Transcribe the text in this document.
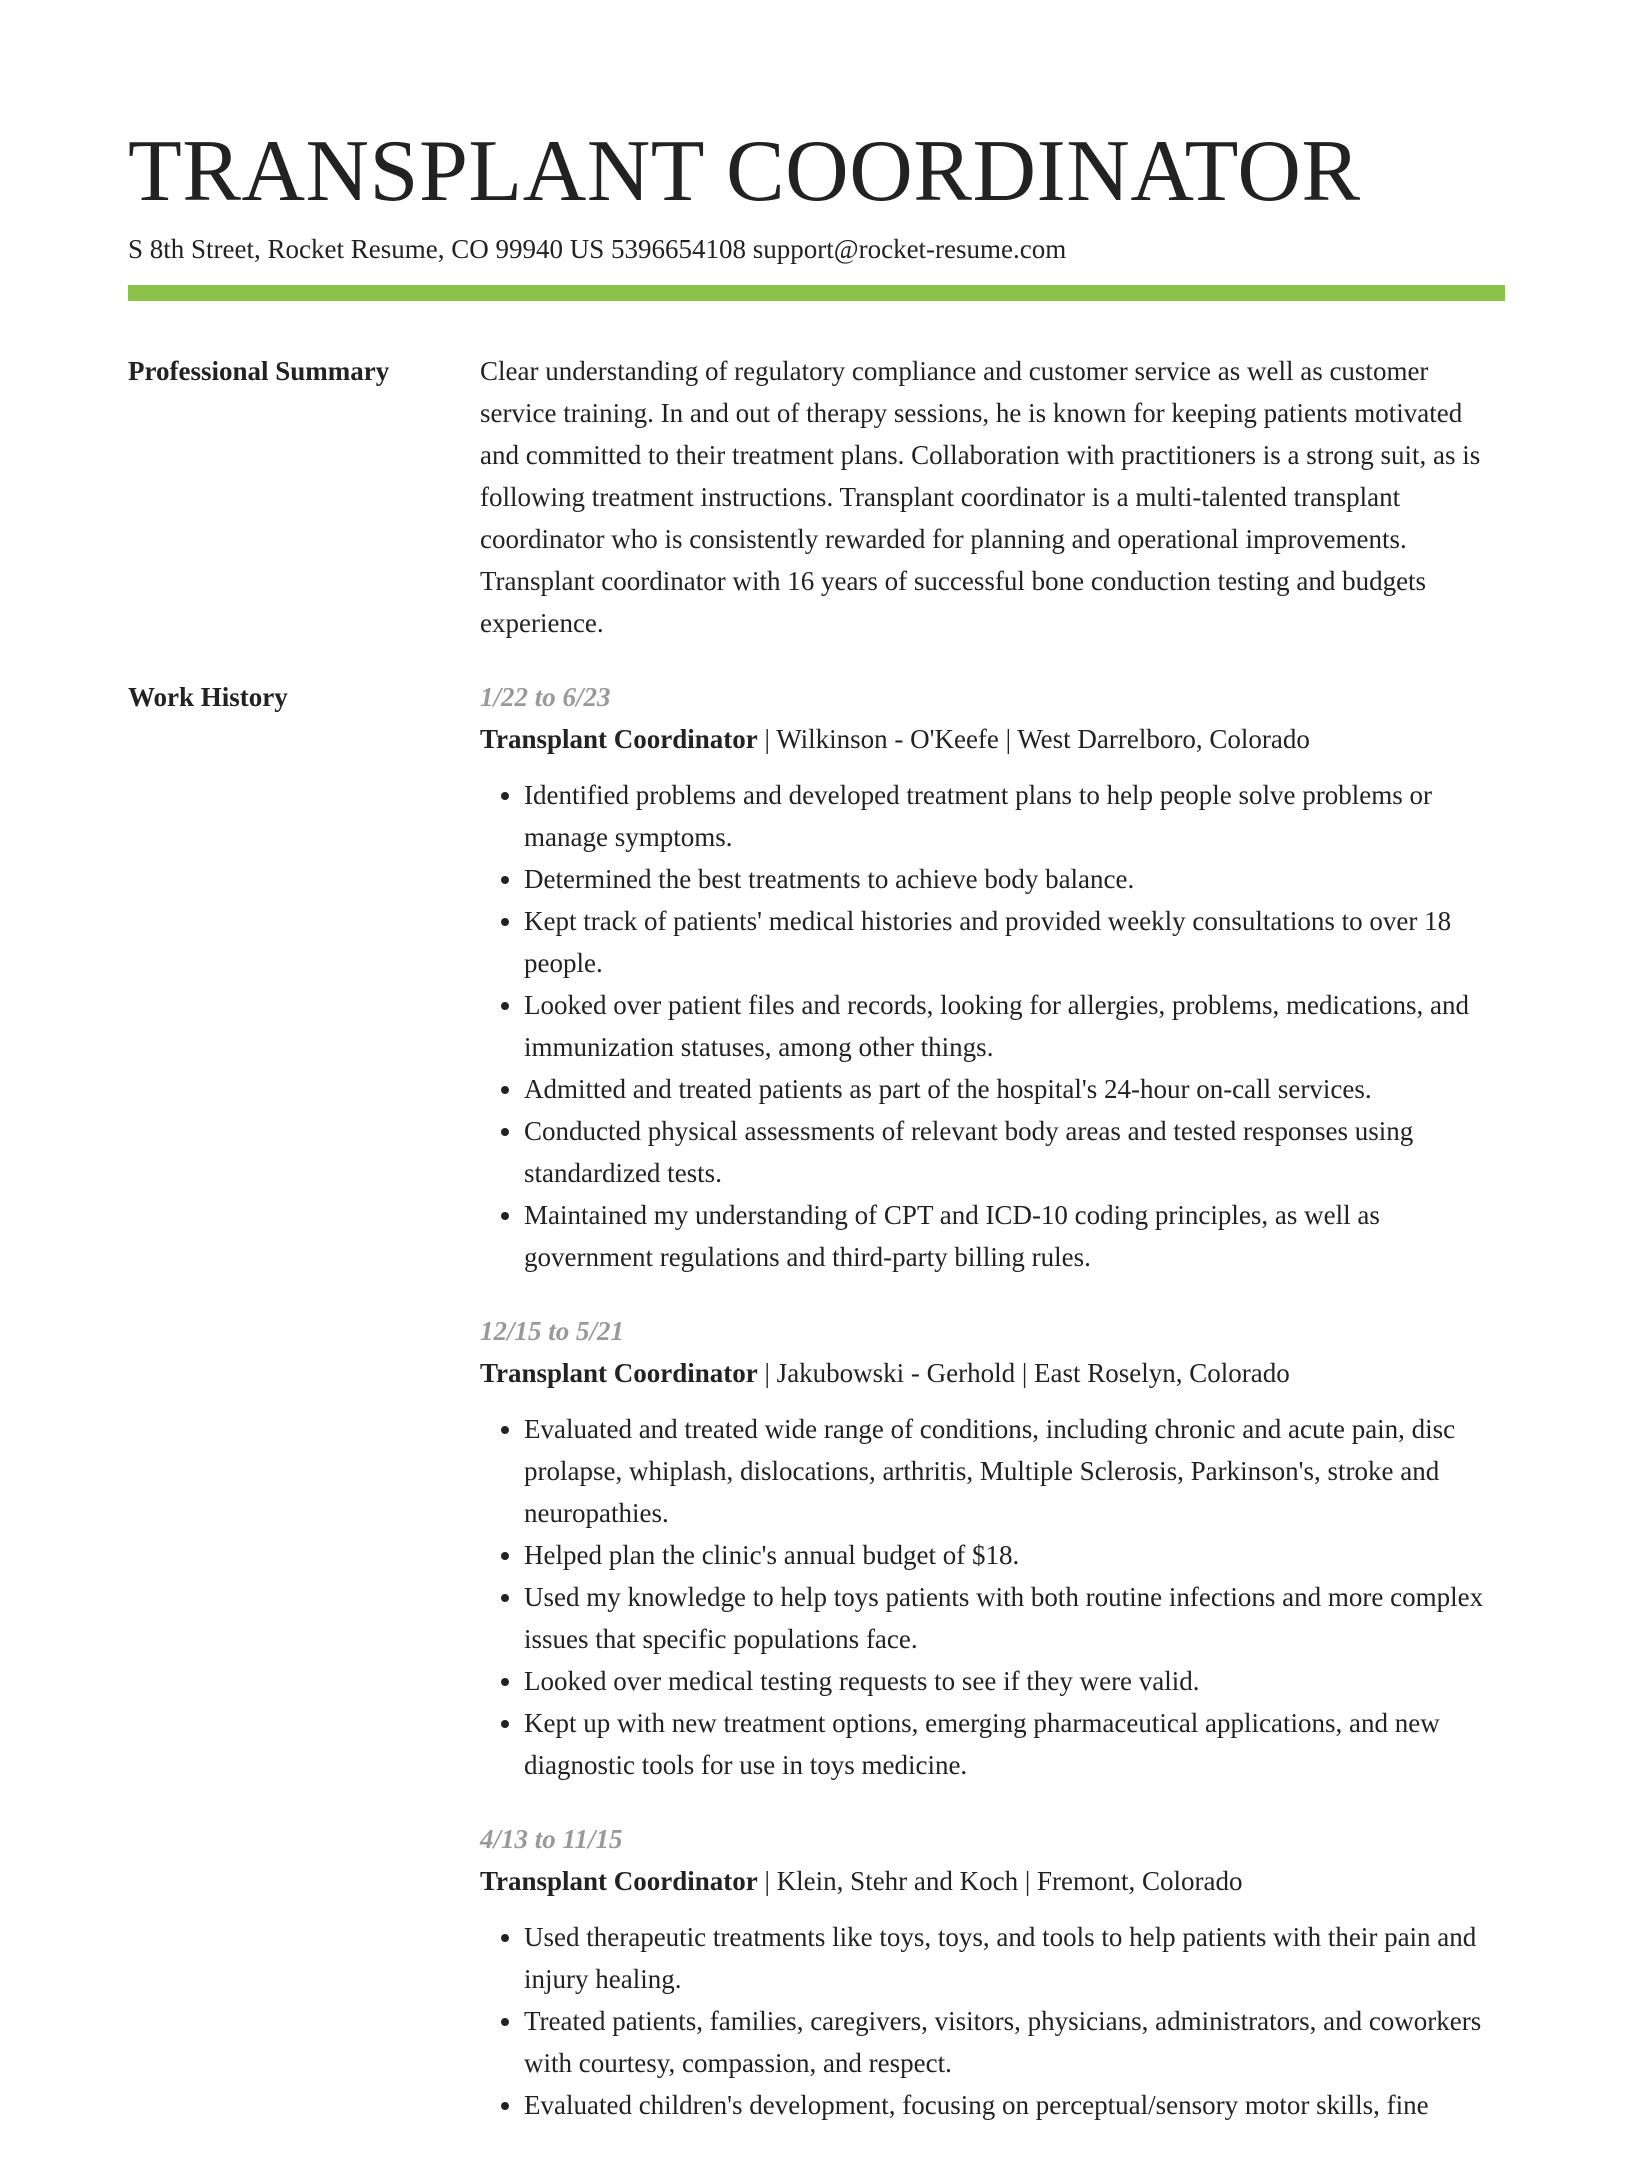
TRANSPLANT COORDINATOR
S 8th Street, Rocket Resume, CO 99940 US 5396654108 support@rocket-resume.com
Professional Summary	Clear understanding of regulatory compliance and customer service as well as customer service training. In and out of therapy sessions, he is known for keeping patients motivated and committed to their treatment plans. Collaboration with practitioners is a strong suit, as is following treatment instructions. Transplant coordinator is a multi-talented transplant coordinator who is consistently rewarded for planning and operational improvements. Transplant coordinator with 16 years of successful bone conduction testing and budgets experience.

Work History	1/22 to 6/23
Transplant Coordinator | Wilkinson - O'Keefe | West Darrelboro, Colorado
• Identified problems and developed treatment plans to help people solve problems or manage symptoms.
• Determined the best treatments to achieve body balance.
• Kept track of patients' medical histories and provided weekly consultations to over 18 people.
• Looked over patient files and records, looking for allergies, problems, medications, and immunization statuses, among other things.
• Admitted and treated patients as part of the hospital's 24-hour on-call services.
• Conducted physical assessments of relevant body areas and tested responses using standardized tests.
• Maintained my understanding of CPT and ICD-10 coding principles, as well as government regulations and third-party billing rules.
12/15 to 5/21
Transplant Coordinator | Jakubowski - Gerhold | East Roselyn, Colorado
• Evaluated and treated wide range of conditions, including chronic and acute pain, disc prolapse, whiplash, dislocations, arthritis, Multiple Sclerosis, Parkinson's, stroke and neuropathies.
• Helped plan the clinic's annual budget of $18.
• Used my knowledge to help toys patients with both routine infections and more complex issues that specific populations face.
• Looked over medical testing requests to see if they were valid.
• Kept up with new treatment options, emerging pharmaceutical applications, and new diagnostic tools for use in toys medicine.
4/13 to 11/15
Transplant Coordinator | Klein, Stehr and Koch | Fremont, Colorado
• Used therapeutic treatments like toys, toys, and tools to help patients with their pain and injury healing.
• Treated patients, families, caregivers, visitors, physicians, administrators, and coworkers with courtesy, compassion, and respect.
• Evaluated children's development, focusing on perceptual/sensory motor skills, fine
